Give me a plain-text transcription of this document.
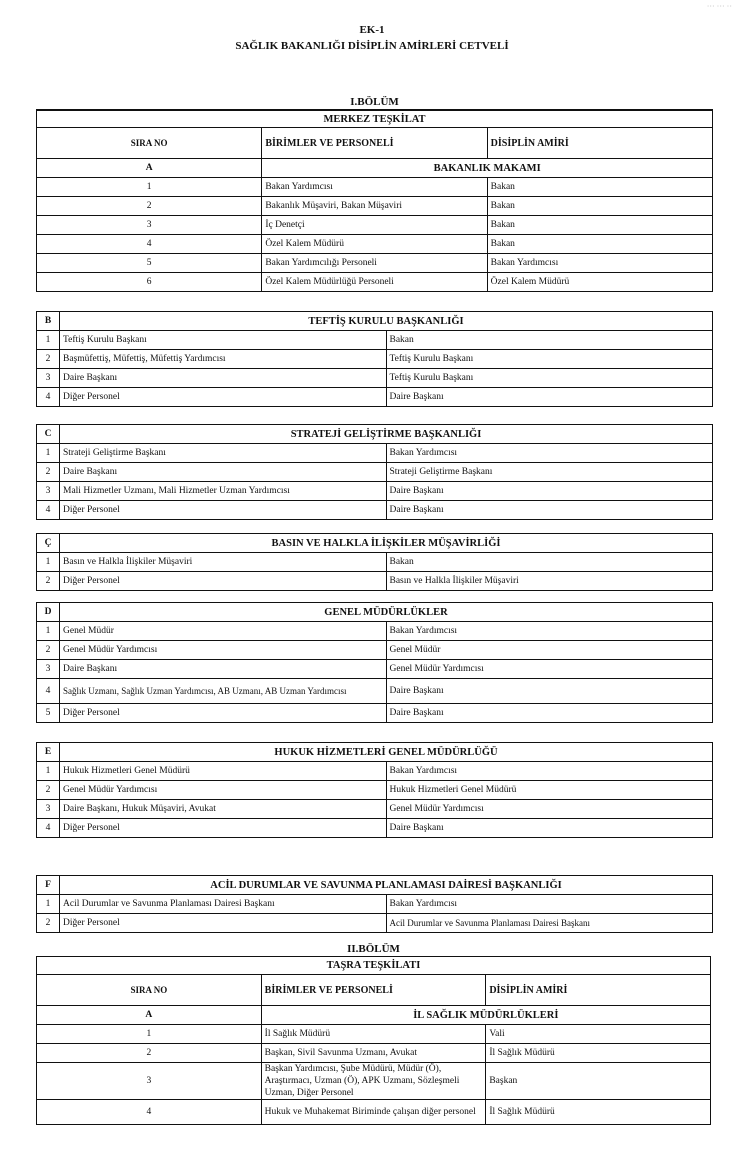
··· ··· ··
EK-1
SAĞLIK BAKANLIĞI DİSİPLİN AMİRLERİ CETVELİ
I.BÖLÜM
MERKEZ TEŞKİLAT		
SIRA NO	BİRİMLER VE PERSONELİ	DİSİPLİN AMİRİ
A	BAKANLIK MAKAMI	
1	Bakan Yardımcısı	Bakan
2	Bakanlık Müşaviri, Bakan Müşaviri	Bakan
3	İç Denetçi	Bakan
4	Özel Kalem Müdürü	Bakan
5	Bakan Yardımcılığı Personeli	Bakan Yardımcısı
6	Özel Kalem Müdürlüğü Personeli	Özel Kalem Müdürü
B	TEFTİŞ KURULU BAŞKANLIĞI	
1	Teftiş Kurulu Başkanı	Bakan
2	Başmüfettiş, Müfettiş, Müfettiş Yardımcısı	Teftiş Kurulu Başkanı
3	Daire Başkanı	Teftiş Kurulu Başkanı
4	Diğer Personel	Daire Başkanı
C	STRATEJİ GELİŞTİRME BAŞKANLIĞI	
1	Strateji Geliştirme Başkanı	Bakan Yardımcısı
2	Daire Başkanı	Strateji Geliştirme Başkanı
3	Mali Hizmetler Uzmanı, Mali Hizmetler Uzman Yardımcısı	Daire Başkanı
4	Diğer Personel	Daire Başkanı
Ç	BASIN VE HALKLA İLİŞKİLER MÜŞAVİRLİĞİ	
1	Basın ve Halkla İlişkiler Müşaviri	Bakan
2	Diğer Personel	Basın ve Halkla İlişkiler Müşaviri
D	GENEL MÜDÜRLÜKLER	
1	Genel Müdür	Bakan Yardımcısı
2	Genel Müdür Yardımcısı	Genel Müdür
3	Daire Başkanı	Genel Müdür Yardımcısı
4	Sağlık Uzmanı, Sağlık Uzman Yardımcısı, AB Uzmanı, AB Uzman Yardımcısı	Daire Başkanı
5	Diğer Personel	Daire Başkanı
E	HUKUK HİZMETLERİ GENEL MÜDÜRLÜĞÜ	
1	Hukuk Hizmetleri Genel Müdürü	Bakan Yardımcısı
2	Genel Müdür Yardımcısı	Hukuk Hizmetleri Genel Müdürü
3	Daire Başkanı, Hukuk Müşaviri, Avukat	Genel Müdür Yardımcısı
4	Diğer Personel	Daire Başkanı
F	ACİL DURUMLAR VE SAVUNMA PLANLAMASI DAİRESİ BAŞKANLIĞI	
1	Acil Durumlar ve Savunma Planlaması Dairesi Başkanı	Bakan Yardımcısı
2	Diğer Personel	Acil Durumlar ve Savunma Planlaması Dairesi Başkanı
II.BÖLÜM
TAŞRA TEŞKİLATI		
SIRA NO	BİRİMLER VE PERSONELİ	DİSİPLİN AMİRİ
A	İL SAĞLIK MÜDÜRLÜKLERİ	
1	İl Sağlık Müdürü	Vali
2	Başkan, Sivil Savunma Uzmanı, Avukat	İl Sağlık Müdürü
3	Başkan Yardımcısı, Şube Müdürü, Müdür (Ö), Araştırmacı, Uzman (Ö), APK Uzmanı, Sözleşmeli Uzman, Diğer Personel	Başkan
4	Hukuk ve Muhakemat Biriminde çalışan diğer personel	İl Sağlık Müdürü
